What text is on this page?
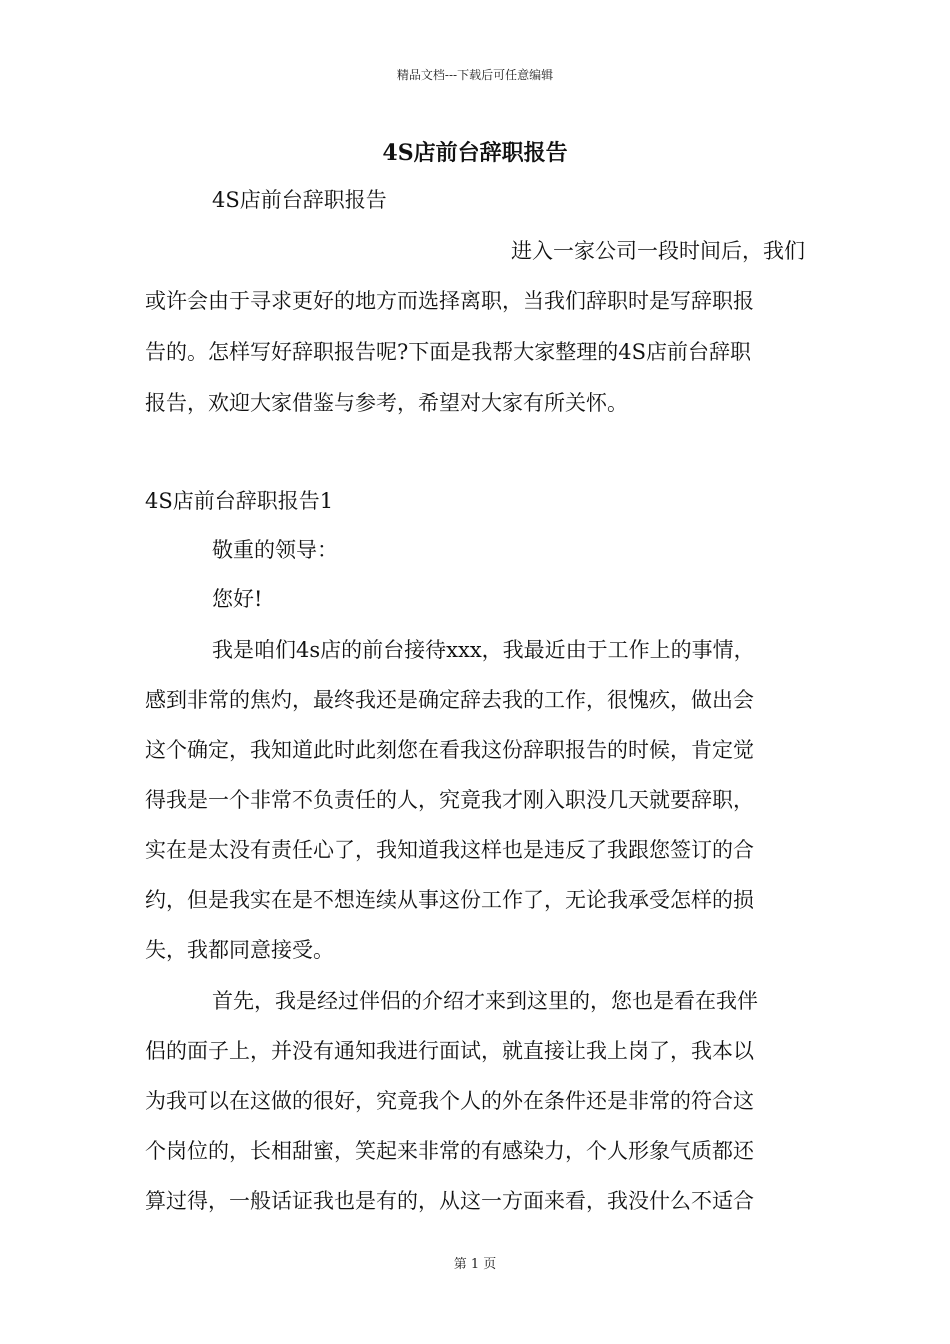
精品文档---下载后可任意编辑
4S店前台辞职报告
4S店前台辞职报告
进入一家公司一段时间后，我们
或许会由于寻求更好的地方而选择离职，当我们辞职时是写辞职报
告的。怎样写好辞职报告呢?下面是我帮大家整理的4S店前台辞职
报告，欢迎大家借鉴与参考，希望对大家有所关怀。
4S店前台辞职报告1
敬重的领导：
您好!
我是咱们4s店的前台接待xxx，我最近由于工作上的事情，
感到非常的焦灼，最终我还是确定辞去我的工作，很愧疚，做出会
这个确定，我知道此时此刻您在看我这份辞职报告的时候，肯定觉
得我是一个非常不负责任的人，究竟我才刚入职没几天就要辞职，
实在是太没有责任心了，我知道我这样也是违反了我跟您签订的合
约，但是我实在是不想连续从事这份工作了，无论我承受怎样的损
失，我都同意接受。
首先，我是经过伴侣的介绍才来到这里的，您也是看在我伴
侣的面子上，并没有通知我进行面试，就直接让我上岗了，我本以
为我可以在这做的很好，究竟我个人的外在条件还是非常的符合这
个岗位的，长相甜蜜，笑起来非常的有感染力，个人形象气质都还
算过得，一般话证我也是有的，从这一方面来看，我没什么不适合
第 1 页
